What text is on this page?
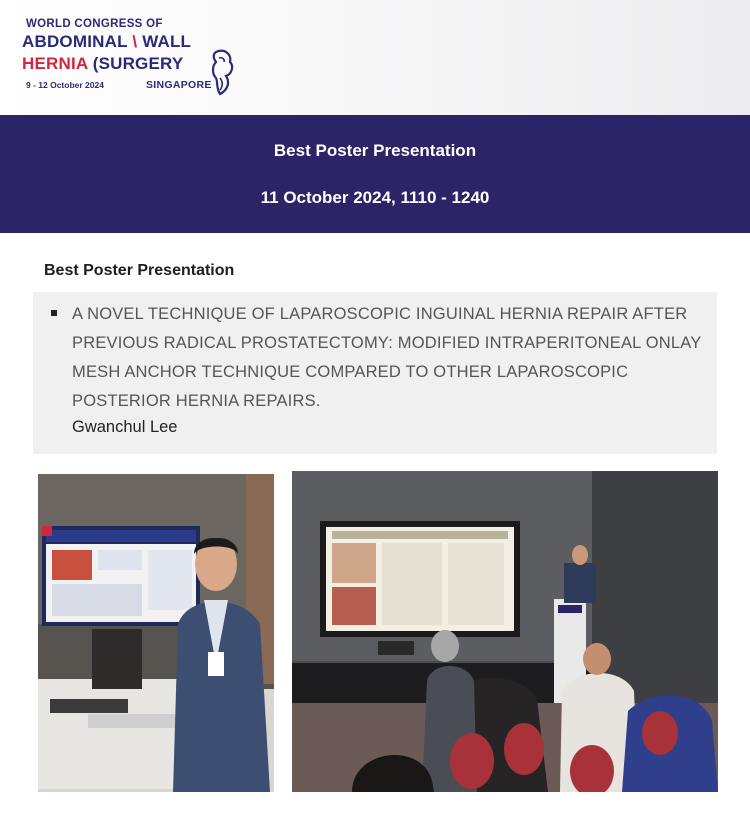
WORLD CONGRESS OF
ABDOMINAL \ WALL
HERNIA (SURGERY
9 - 12 October 2024	SINGAPORE
Best Poster Presentation
11 October 2024, 1110 - 1240
Best Poster Presentation
A NOVEL TECHNIQUE OF LAPAROSCOPIC INGUINAL HERNIA REPAIR AFTER PREVIOUS RADICAL PROSTATECTOMY: MODIFIED INTRAPERITONEAL ONLAY MESH ANCHOR TECHNIQUE COMPARED TO OTHER LAPAROSCOPIC POSTERIOR HERNIA REPAIRS.
Gwanchul Lee
